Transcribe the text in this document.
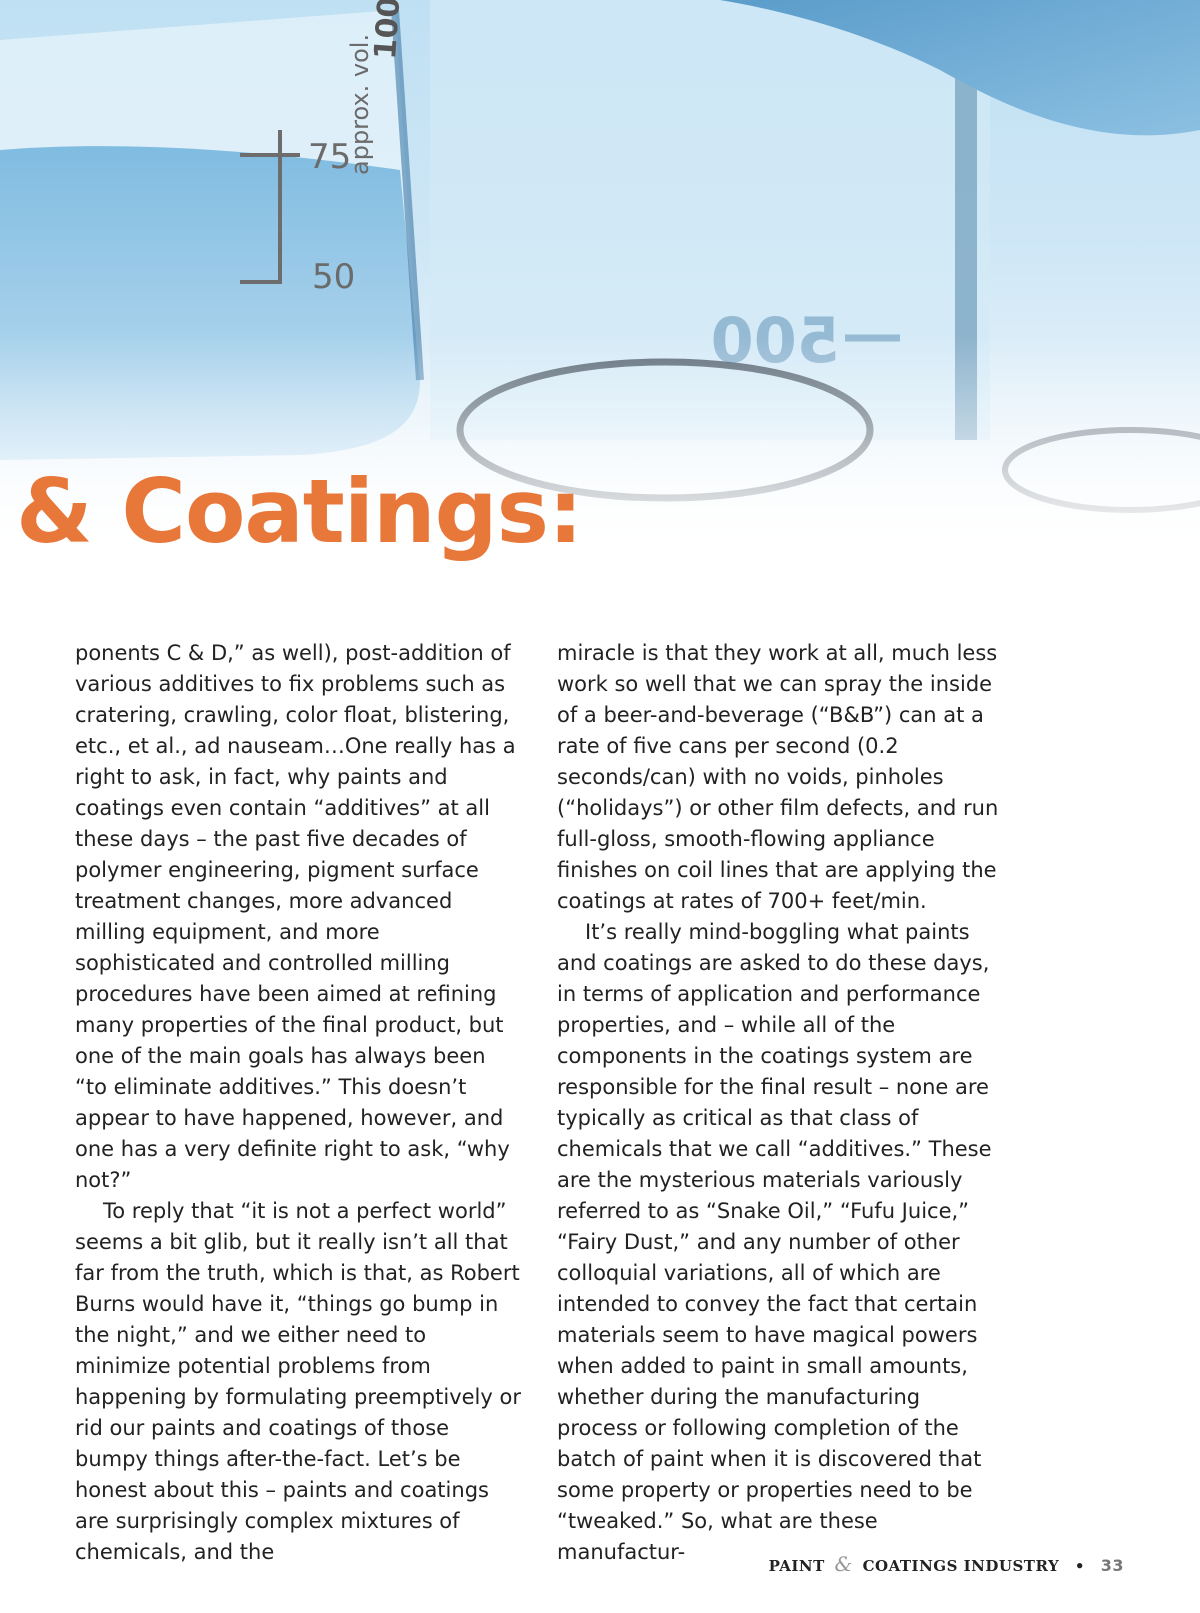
& Coatings:

ponents C & D,” as well), post-addition of various additives to fix problems such as cratering, crawling, color float, blistering, etc., et al., ad nauseam…One really has a right to ask, in fact, why paints and coatings even contain “additives” at all these days – the past five decades of polymer engineering, pigment surface treatment changes, more advanced milling equipment, and more sophisticated and controlled milling procedures have been aimed at refining many properties of the final product, but one of the main goals has always been “to eliminate additives.” This doesn’t appear to have happened, however, and one has a very definite right to ask, “why not?”

To reply that “it is not a perfect world” seems a bit glib, but it really isn’t all that far from the truth, which is that, as Robert Burns would have it, “things go bump in the night,” and we either need to minimize potential problems from happening by formulating preemptively or rid our paints and coatings of those bumpy things after-the-fact. Let’s be honest about this – paints and coatings are surprisingly complex mixtures of chemicals, and the

miracle is that they work at all, much less work so well that we can spray the inside of a beer-and-beverage (“B&B”) can at a rate of five cans per second (0.2 seconds/can) with no voids, pinholes (“holidays”) or other film defects, and run full-gloss, smooth-flowing appliance finishes on coil lines that are applying the coatings at rates of 700+ feet/min.

It’s really mind-boggling what paints and coatings are asked to do these days, in terms of application and performance properties, and – while all of the components in the coatings system are responsible for the final result – none are typically as critical as that class of chemicals that we call “additives.” These are the mysterious materials variously referred to as “Snake Oil,” “Fufu Juice,” “Fairy Dust,” and any number of other colloquial variations, all of which are intended to convey the fact that certain materials seem to have magical powers when added to paint in small amounts, whether during the manufacturing process or following completion of the batch of paint when it is discovered that some property or properties need to be “tweaked.” So, what are these manufactur-

PAINT & COATINGS INDUSTRY • 33
